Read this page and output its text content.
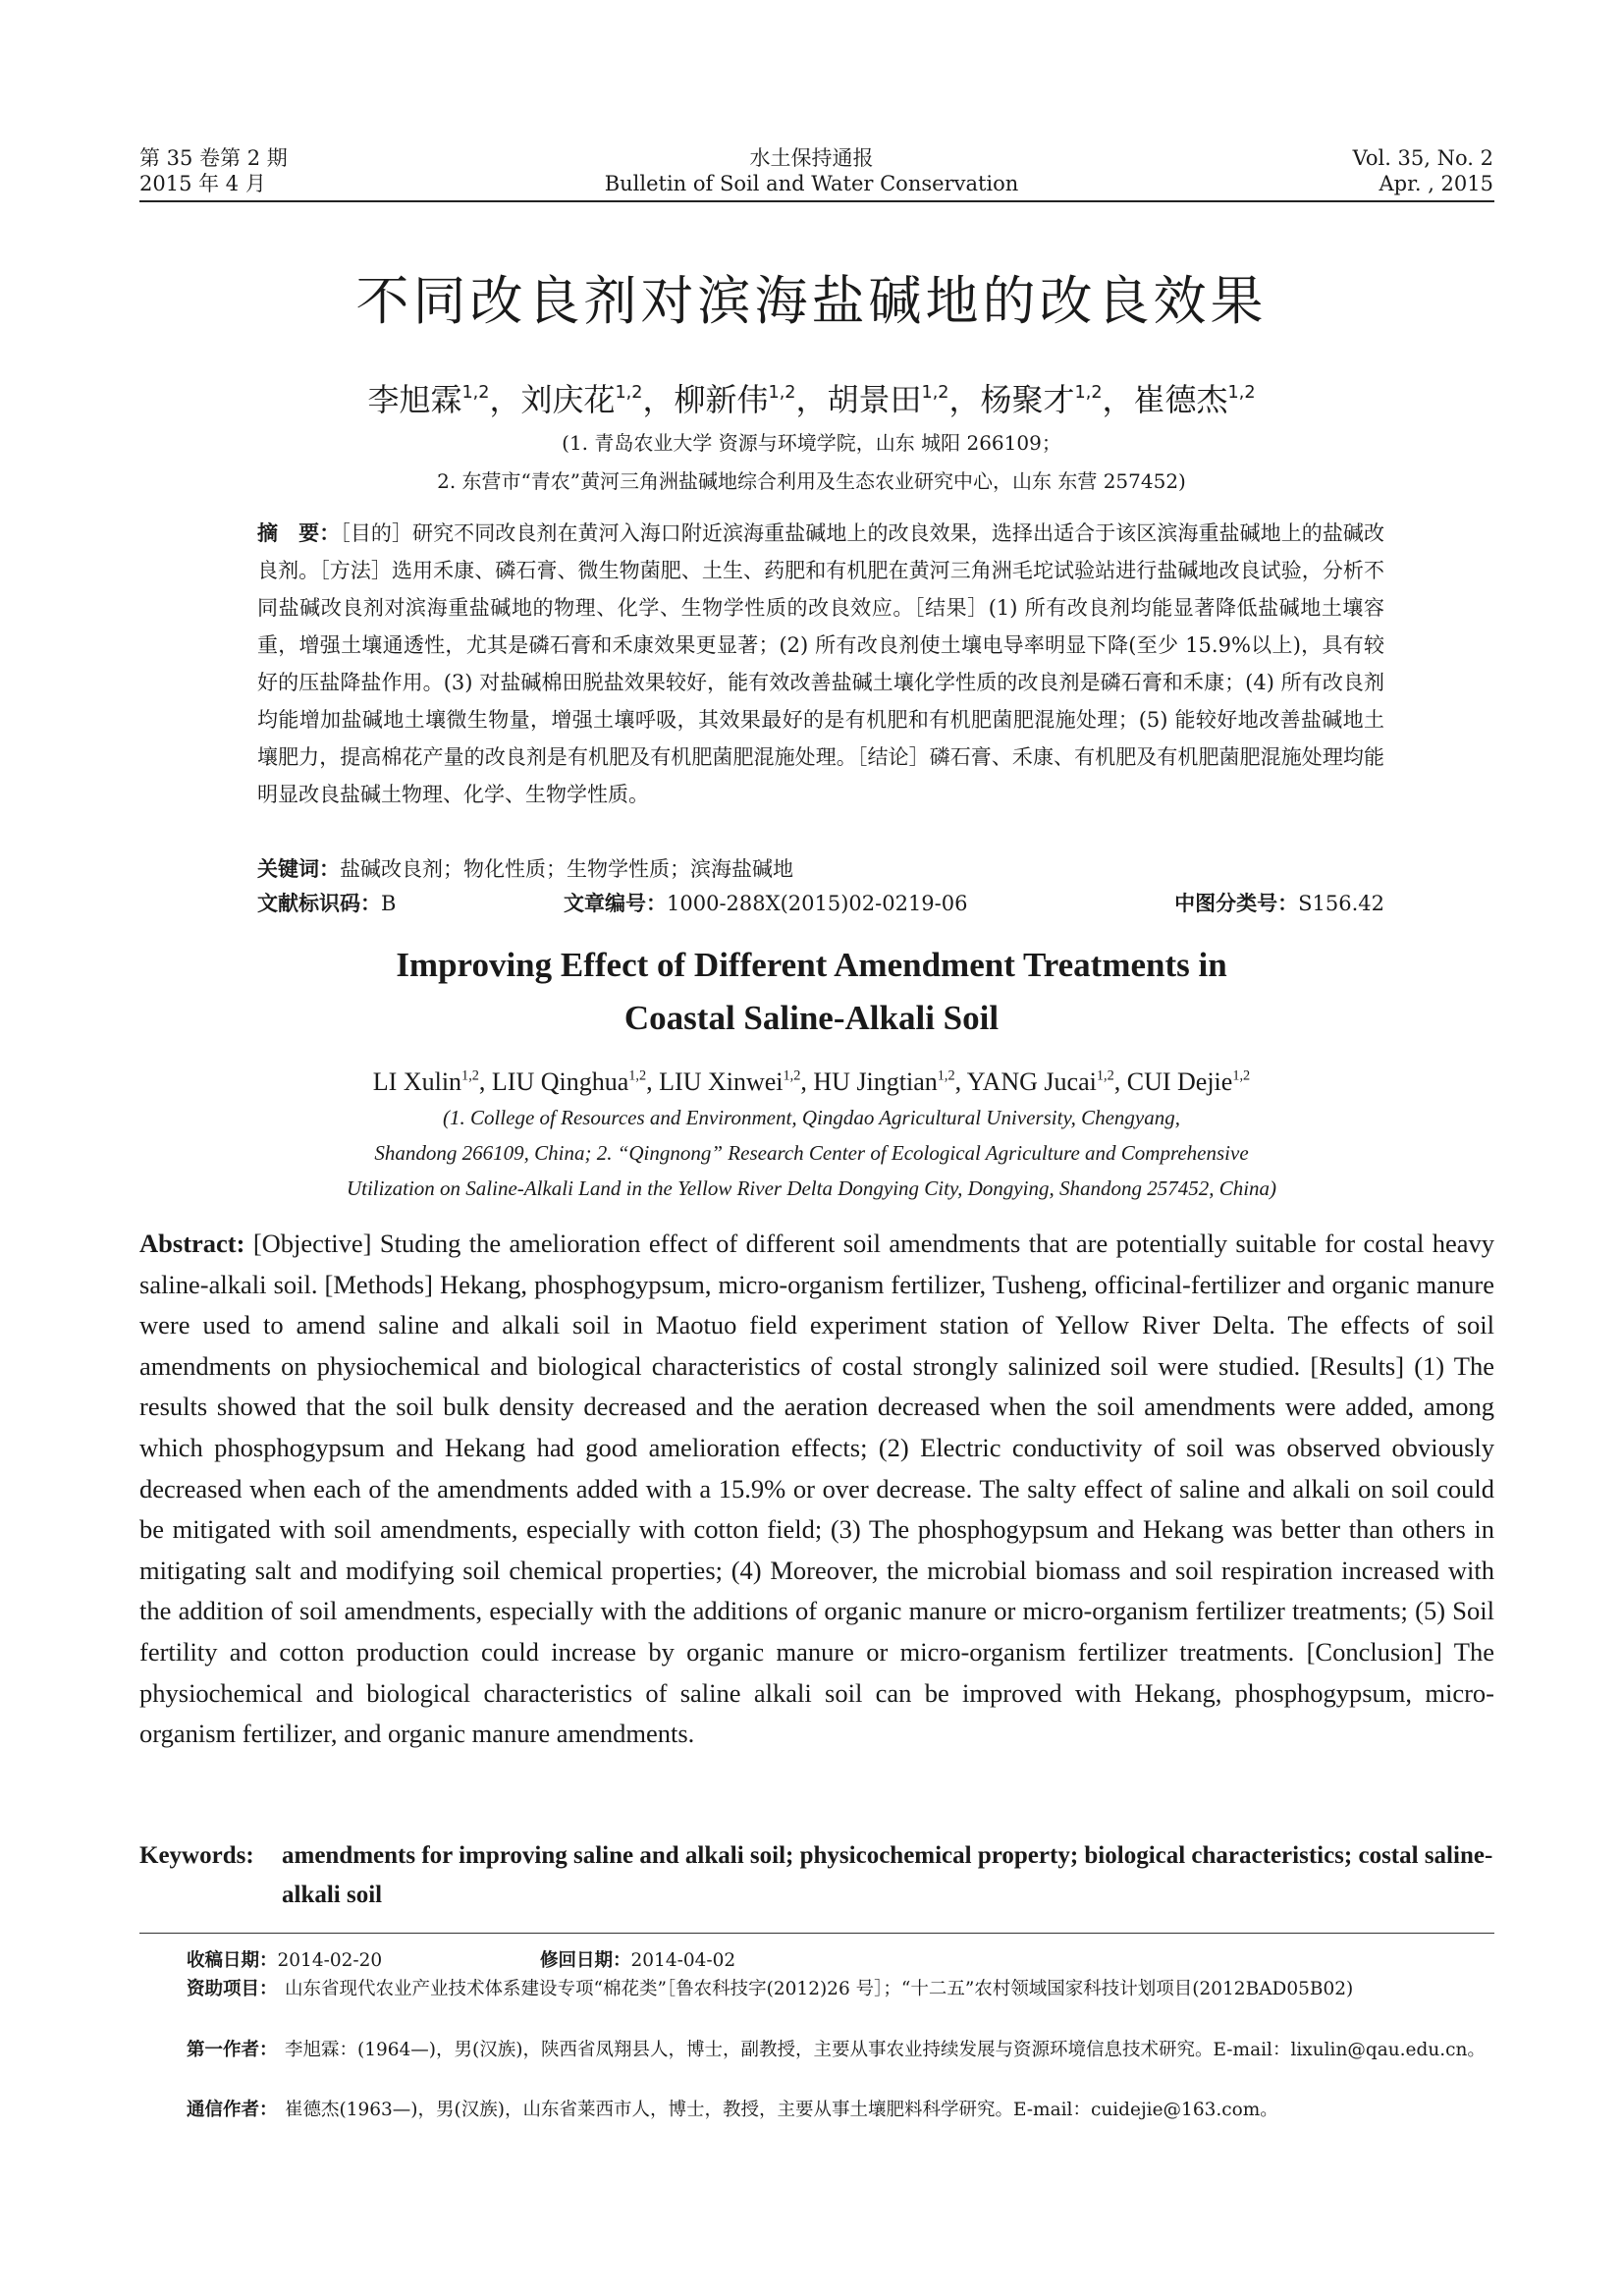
第 35 卷第 2 期
2015 年 4 月
水土保持通报
Bulletin of Soil and Water Conservation
Vol. 35, No. 2
Apr. , 2015
不同改良剂对滨海盐碱地的改良效果
李旭霖$^{1,2}$，刘庆花$^{1,2}$，柳新伟$^{1,2}$，胡景田$^{1,2}$，杨聚才$^{1,2}$，崔德杰$^{1,2}$
(1. 青岛农业大学 资源与环境学院，山东 城阳 266109；
2. 东营市“青农”黄河三角洲盐碱地综合利用及生态农业研究中心，山东 东营 257452)
摘　要：［目的］研究不同改良剂在黄河入海口附近滨海重盐碱地上的改良效果，选择出适合于该区滨海重盐碱地上的盐碱改良剂。［方法］选用禾康、磷石膏、微生物菌肥、土生、药肥和有机肥在黄河三角洲毛坨试验站进行盐碱地改良试验，分析不同盐碱改良剂对滨海重盐碱地的物理、化学、生物学性质的改良效应。［结果］(1) 所有改良剂均能显著降低盐碱地土壤容重，增强土壤通透性，尤其是磷石膏和禾康效果更显著；(2) 所有改良剂使土壤电导率明显下降(至少 15.9%以上)，具有较好的压盐降盐作用。(3) 对盐碱棉田脱盐效果较好，能有效改善盐碱土壤化学性质的改良剂是磷石膏和禾康；(4) 所有改良剂均能增加盐碱地土壤微生物量，增强土壤呼吸，其效果最好的是有机肥和有机肥菌肥混施处理；(5) 能较好地改善盐碱地土壤肥力，提高棉花产量的改良剂是有机肥及有机肥菌肥混施处理。［结论］磷石膏、禾康、有机肥及有机肥菌肥混施处理均能明显改良盐碱土物理、化学、生物学性质。
关键词：盐碱改良剂；物化性质；生物学性质；滨海盐碱地
文献标识码：B	文章编号：1000-288X(2015)02-0219-06	中图分类号：S156.42
Improving Effect of Different Amendment Treatments in
Coastal Saline-Alkali Soil
LI Xulin$^{1,2}$, LIU Qinghua$^{1,2}$, LIU Xinwei$^{1,2}$, HU Jingtian$^{1,2}$, YANG Jucai$^{1,2}$, CUI Dejie$^{1,2}$
(1. College of Resources and Environment, Qingdao Agricultural University, Chengyang,
Shandong 266109, China; 2. “Qingnong” Research Center of Ecological Agriculture and Comprehensive
Utilization on Saline-Alkali Land in the Yellow River Delta Dongying City, Dongying, Shandong 257452, China)
Abstract: [Objective] Studing the amelioration effect of different soil amendments that are potentially suitable for costal heavy saline-alkali soil. [Methods] Hekang, phosphogypsum, micro-organism fertilizer, Tusheng, officinal-fertilizer and organic manure were used to amend saline and alkali soil in Maotuo field experiment station of Yellow River Delta. The effects of soil amendments on physiochemical and biological characteristics of costal strongly salinized soil were studied. [Results] (1) The results showed that the soil bulk density decreased and the aeration decreased when the soil amendments were added, among which phosphogypsum and Hekang had good amelioration effects; (2) Electric conductivity of soil was observed obviously decreased when each of the amendments added with a 15.9% or over decrease. The salty effect of saline and alkali on soil could be mitigated with soil amendments, especially with cotton field; (3) The phosphogypsum and Hekang was better than others in mitigating salt and modifying soil chemical properties; (4) Moreover, the microbial biomass and soil respiration increased with the addition of soil amendments, especially with the additions of organic manure or micro-organism fertilizer treatments; (5) Soil fertility and cotton production could increase by organic manure or micro-organism fertilizer treatments. [Conclusion] The physiochemical and biological characteristics of saline alkali soil can be improved with Hekang, phosphogypsum, micro-organism fertilizer, and organic manure amendments.
Keywords:	amendments for improving saline and alkali soil; physicochemical property; biological characteristics; costal saline-alkali soil
收稿日期：2014-02-20	修回日期：2014-04-02
资助项目： 山东省现代农业产业技术体系建设专项“棉花类”［鲁农科技字(2012)26 号］；“十二五”农村领域国家科技计划项目(2012BAD05B02)
第一作者： 李旭霖：(1964—)，男(汉族)，陕西省凤翔县人，博士，副教授，主要从事农业持续发展与资源环境信息技术研究。E-mail：lixulin@qau.edu.cn。
通信作者： 崔德杰(1963—)，男(汉族)，山东省莱西市人，博士，教授，主要从事土壤肥料科学研究。E-mail：cuidejie@163.com。
